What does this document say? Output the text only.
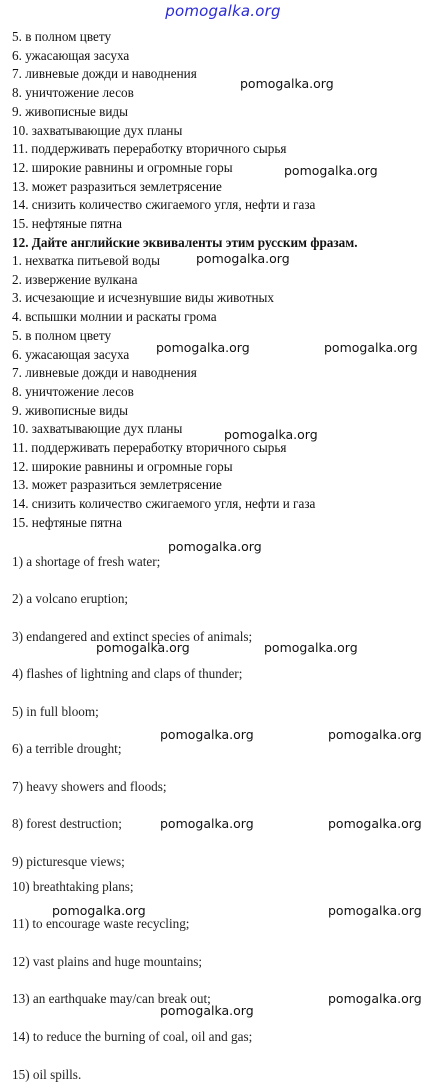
pomogalka.org
5. в полном цвету
6. ужасающая засуха
7. ливневые дожди и наводнения
8. уничтожение лесов
9. живописные виды
10. захватывающие дух планы
11. поддерживать переработку вторичного сырья
12. широкие равнины и огромные горы
13. может разразиться землетрясение
14. снизить количество сжигаемого угля, нефти и газа
15. нефтяные пятна
12. Дайте английские эквиваленты этим русским фразам.
1. нехватка питьевой воды
2. извержение вулкана
3. исчезающие и исчезнувшие виды животных
4. вспышки молнии и раскаты грома
5. в полном цвету
6. ужасающая засуха
7. ливневые дожди и наводнения
8. уничтожение лесов
9. живописные виды
10. захватывающие дух планы
11. поддерживать переработку вторичного сырья
12. широкие равнины и огромные горы
13. может разразиться землетрясение
14. снизить количество сжигаемого угля, нефти и газа
15. нефтяные пятна
1) a shortage of fresh water;
2) a volcano eruption;
3) endangered and extinct species of animals;
4) flashes of lightning and claps of thunder;
5) in full bloom;
6) a terrible drought;
7) heavy showers and floods;
8) forest destruction;
9) picturesque views;
10) breathtaking plans;
11) to encourage waste recycling;
12) vast plains and huge mountains;
13) an earthquake may/can break out;
14) to reduce the burning of coal, oil and gas;
15) oil spills.
pomogalka.org
pomogalka.org
pomogalka.org
pomogalka.org	pomogalka.org
pomogalka.org
pomogalka.org
pomogalka.org	pomogalka.org
pomogalka.org	pomogalka.org
pomogalka.org	pomogalka.org
pomogalka.org	pomogalka.org
pomogalka.org
pomogalka.org
